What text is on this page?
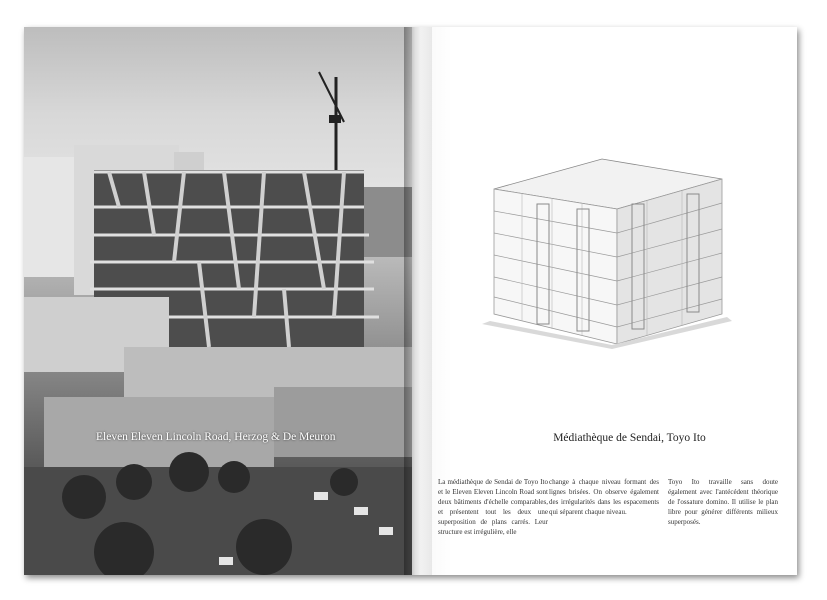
Eleven Eleven Lincoln Road, Herzog & De Meuron	Médiathèque de Sendai, Toyo Ito
La médiathèque de Sendai de Toyo Ito et le Eleven Eleven Lincoln Road sont deux bâtiments d'échelle comparables, et présentent tout les deux une superposition de plans carrés. Leur structure est irrégulière, elle
change à chaque niveau formant des lignes brisées. On observe également des irrégularités dans les espacements qui séparent chaque niveau.
Toyo Ito travaille sans doute également avec l'antécédent théorique de l'ossature domino. Il utilise le plan libre pour générer différents milieux superposés.
